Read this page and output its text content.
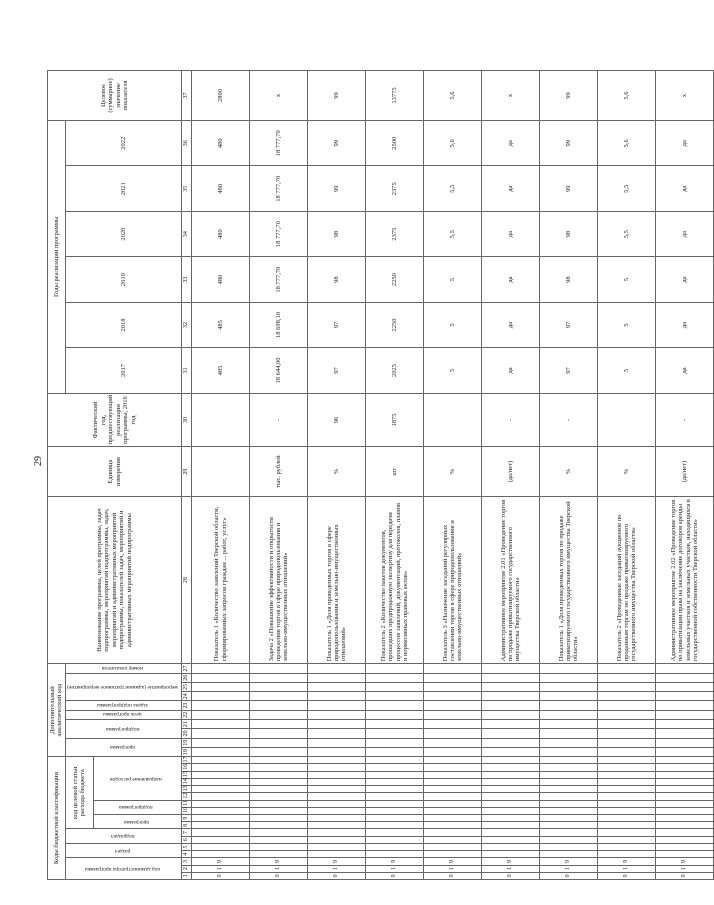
29
Коды бюджетной классификации																	Дополнительный аналитический код										Наименование программы, целей программы, задач подпрограммы, мероприятий подпрограммы, задач, мероприятий и административных мероприятий подпрограммы, показателей задач, мероприятий и административных мероприятий подпрограммы	Единица измерения	Фактический год, предшествующий реализации программы, 2016 год	Годы реализации программы						Целевое (суммарное) значение показателя
код администратора программы			раздел		подраздел		код целевой статьи расхода бюджета										программа		подпрограмма		цель программы	задача подпрограммы	мероприятие (административное мероприятие)			номер показателя				2017	2018	2019	2020	2021	2022	
							программа		подпрограмма		направление расходов																									
1	2	3	4	5	6	7	8	9	10	11	12	13	14	15	16	17	18	19	20	21	22	23	24	25	26	27	28	29	30	31	32	33	34	35	36	37
0	1	9																									Показатель 1 «Количество заявлений Тверской области, сформированных запросов граждан ... работ, услуг»			485	485	480	480	480	480	2890
0	1	9																									Задача 2 «Повышение эффективности и открытости проведения торгов в сфере природопользования и земельно-имущественных отношений»	тыс. рублей	-	18 644,00	18 698,10	18 777,70	18 777,70	18 777,70	18 777,70	x
0	1	9																									Показатель 1 «Доля проведенных торгов в сфере природопользования и земельно-имущественных отношений»	%	96	97	97	98	98	99	99	99
0	1	9																									Показатель 2 «Количество пакетов документов, прошедших предпродажную экспертизу для передачи процессов заявлений, документаций, протоколов, планов и нормативных правовых актов»	шт	1875	2025	2250	2250	2375	2375	2500	13775
0	1	9																									Показатель 3 «Назначение заседаний регулярных составлении торгов в сфере природопользования и земельно-имущественных отношений»	%		5	5	5	5,5	5,5	5,6	5,6
0	1	9																									Административное мероприятие 2.01 «Проведение торгов по продаже приватизируемого государственного имущества Тверской области»	(да/нет)	-	да	да	да	да	да	да	x
0	1	9																									Показатель 1 «Доля проведенных торгов по продаже приватизируемого государственного имущества Тверской области»	%	-	97	97	98	98	99	99	99
0	1	9																									Показатель 2 «Проведенные заседаний аукционов по проданным торгам по продаже приватизируемого государственного имущества Тверской области»	%		5	5	5	5,5	5,5	5,6	5,6
0	1	9																									Административное мероприятие 2.02 «Проведение торгов по приватизации права на заключение договоров аренды земельных участков и земельных участков, находящихся в государственной собственности Тверской области»	(да/нет)	-	да	да	да	да	да	да	x
